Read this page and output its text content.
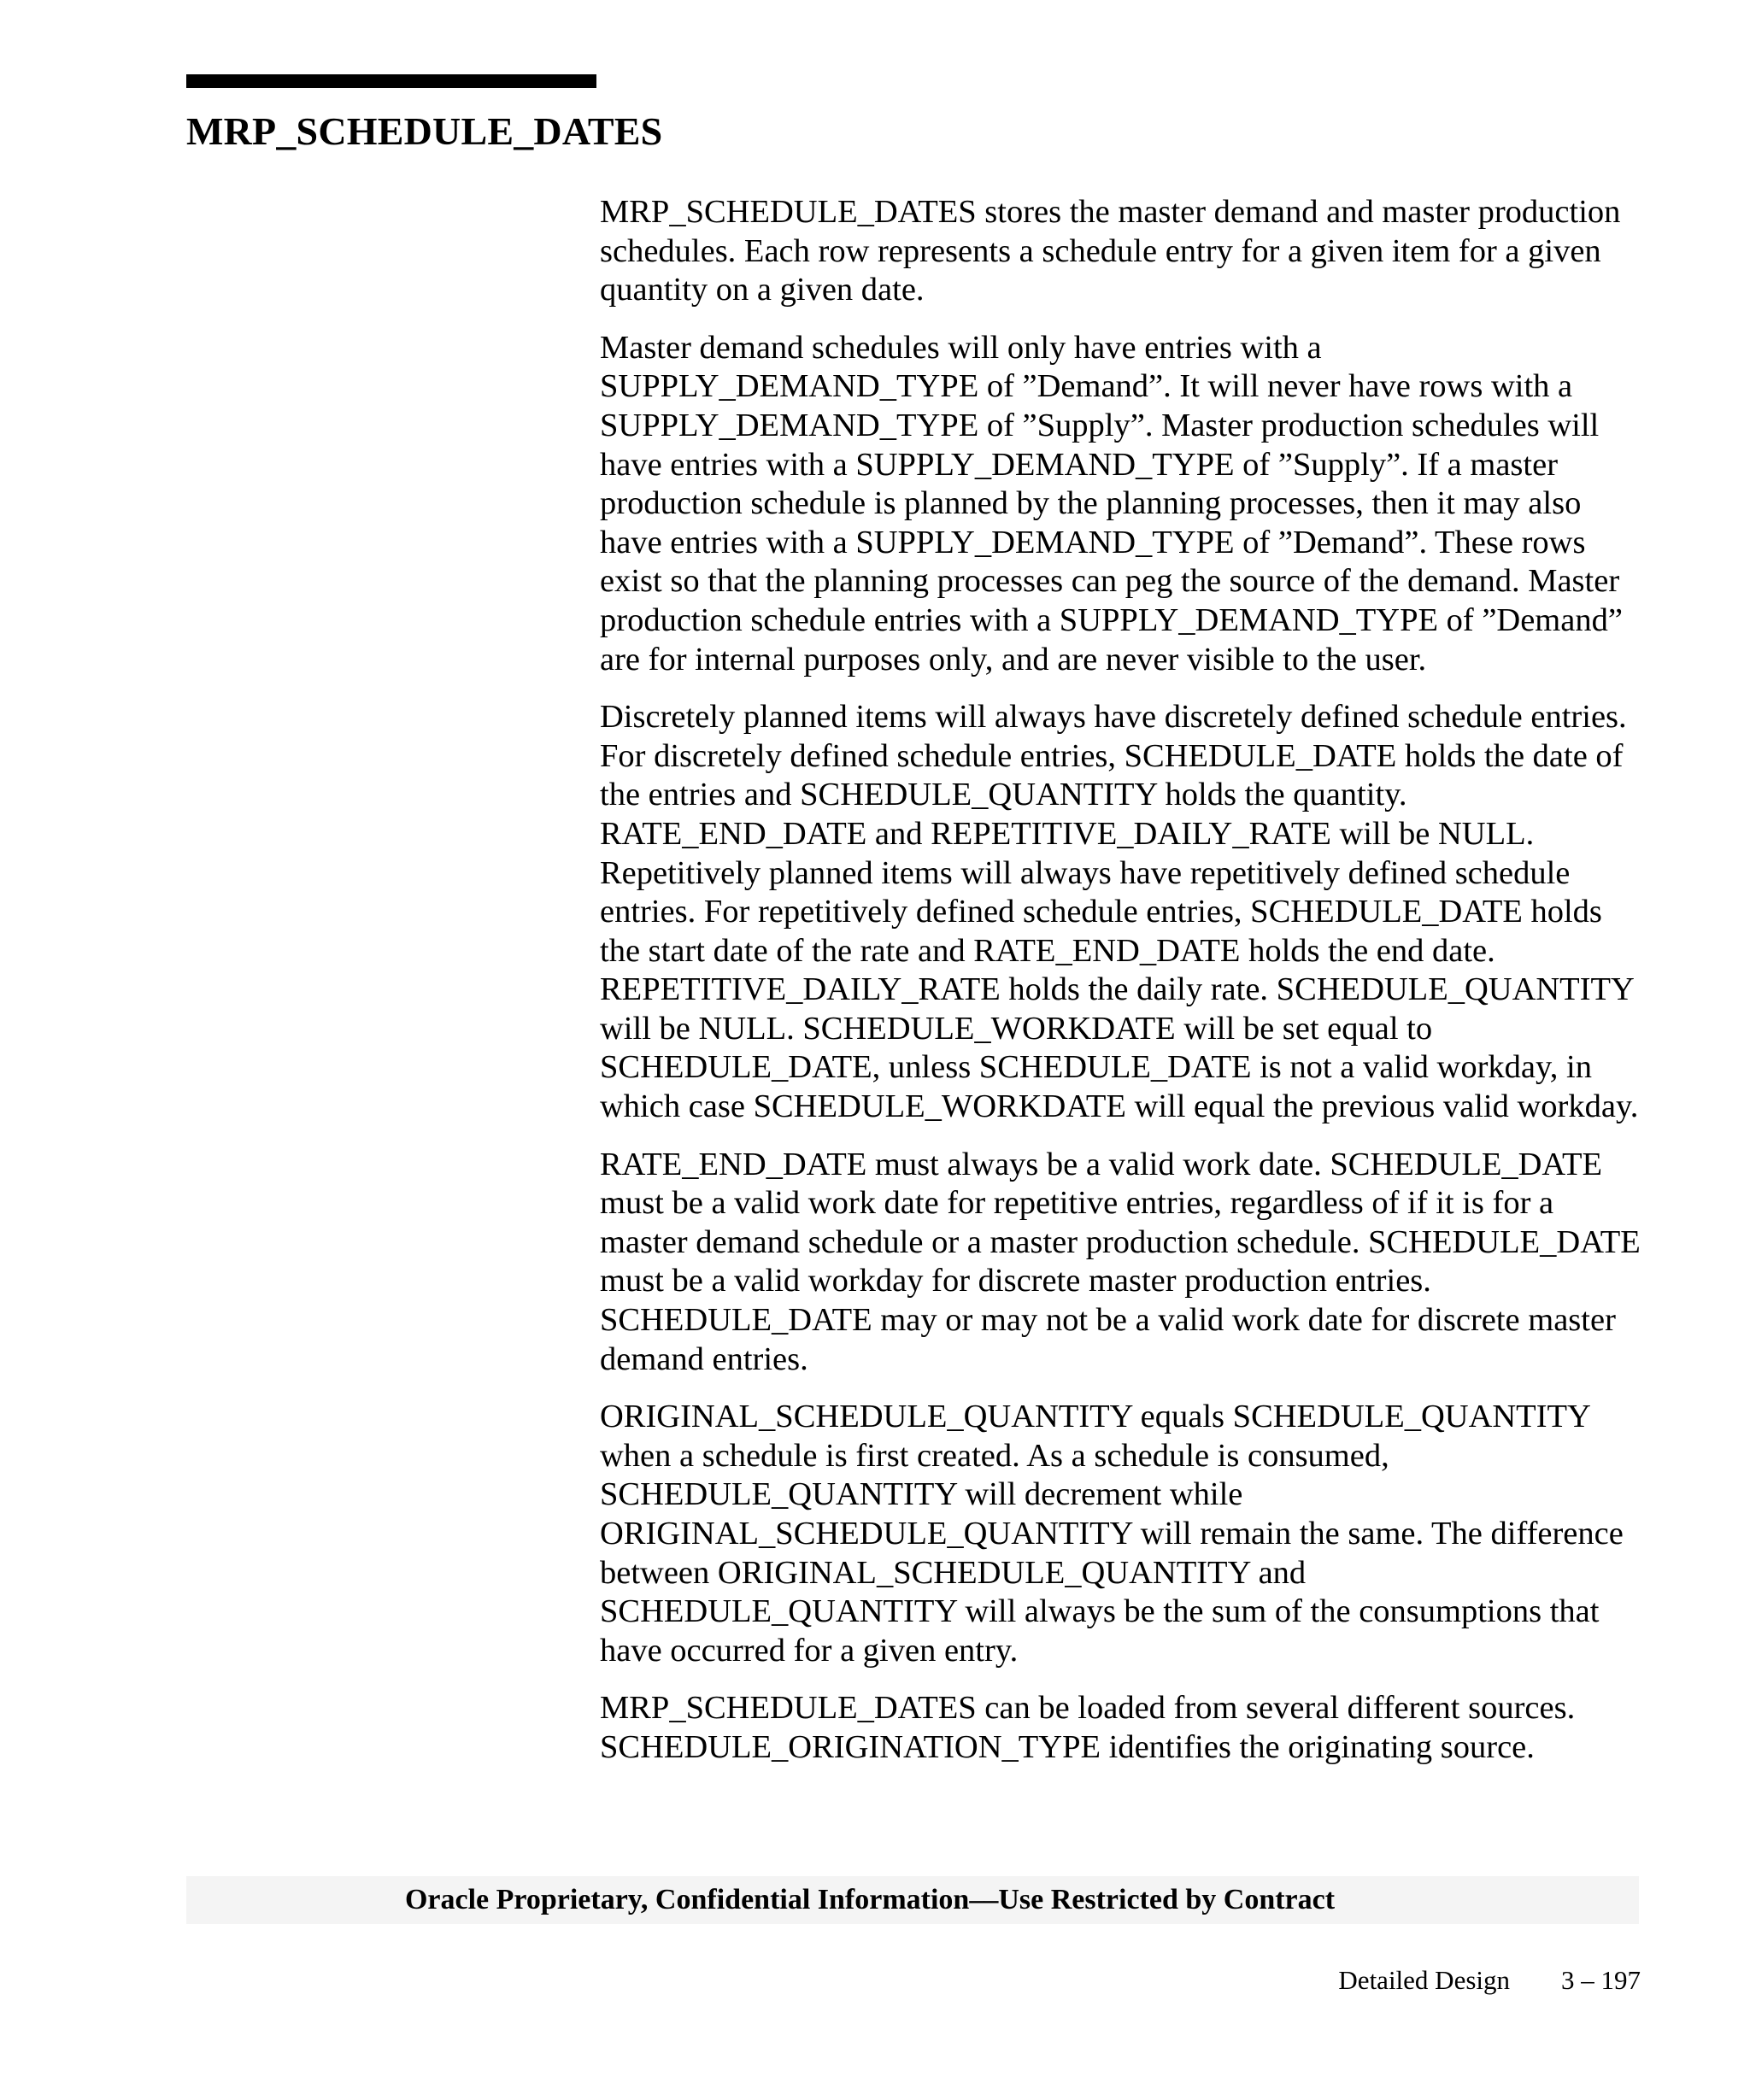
MRP_SCHEDULE_DATES

MRP_SCHEDULE_DATES stores the master demand and master production schedules. Each row represents a schedule entry for a given item for a given quantity on a given date.

Master demand schedules will only have entries with a SUPPLY_DEMAND_TYPE of ”Demand”. It will never have rows with a SUPPLY_DEMAND_TYPE of ”Supply”. Master production schedules will have entries with a SUPPLY_DEMAND_TYPE of ”Supply”. If a master production schedule is planned by the planning processes, then it may also have entries with a SUPPLY_DEMAND_TYPE of ”Demand”. These rows exist so that the planning processes can peg the source of the demand. Master production schedule entries with a SUPPLY_DEMAND_TYPE of ”Demand” are for internal purposes only, and are never visible to the user.

Discretely planned items will always have discretely defined schedule entries. For discretely defined schedule entries, SCHEDULE_DATE holds the date of the entries and SCHEDULE_QUANTITY holds the quantity. RATE_END_DATE and REPETITIVE_DAILY_RATE will be NULL. Repetitively planned items will always have repetitively defined schedule entries. For repetitively defined schedule entries, SCHEDULE_DATE holds the start date of the rate and RATE_END_DATE holds the end date. REPETITIVE_DAILY_RATE holds the daily rate. SCHEDULE_QUANTITY will be NULL. SCHEDULE_WORKDATE will be set equal to SCHEDULE_DATE, unless SCHEDULE_DATE is not a valid workday, in which case SCHEDULE_WORKDATE will equal the previous valid workday.

RATE_END_DATE must always be a valid work date. SCHEDULE_DATE must be a valid work date for repetitive entries, regardless of if it is for a master demand schedule or a master production schedule. SCHEDULE_DATE must be a valid workday for discrete master production entries. SCHEDULE_DATE may or may not be a valid work date for discrete master demand entries.

ORIGINAL_SCHEDULE_QUANTITY equals SCHEDULE_QUANTITY when a schedule is first created. As a schedule is consumed, SCHEDULE_QUANTITY will decrement while ORIGINAL_SCHEDULE_QUANTITY will remain the same. The difference between ORIGINAL_SCHEDULE_QUANTITY and SCHEDULE_QUANTITY will always be the sum of the consumptions that have occurred for a given entry.

MRP_SCHEDULE_DATES can be loaded from several different sources. SCHEDULE_ORIGINATION_TYPE identifies the originating source.

Oracle Proprietary, Confidential Information––Use Restricted by Contract
Detailed Design 3 – 197
